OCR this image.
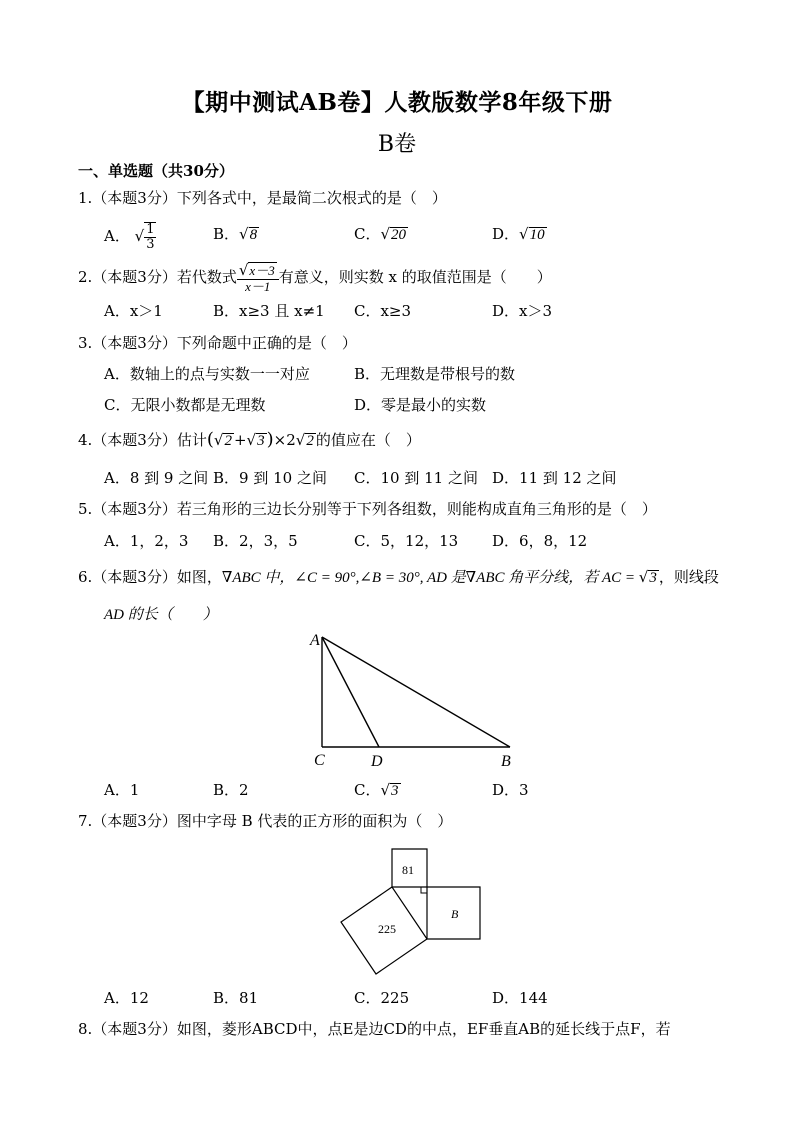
【期中测试AB卷】人教版数学8年级下册
B卷
一、单选题（共30分）
1.（本题3分）下列各式中，是最简二次根式的是（　）
A． √ $\frac{1}{3}$	B．√8	C．√20	D．√10
2.（本题3分）若代数式 $\frac{√x-3}{x-1}$ 有意义，则实数 x 的取值范围是（　　）
A．x＞1	B．x≥3 且 x≠1 C．x≥3	D．x＞3
3.（本题3分）下列命题中正确的是（　）
A．数轴上的点与实数一一对应	B．无理数是带根号的数
C．无限小数都是无理数	D．零是最小的实数
4.（本题3分）估计(√2 +√3 )×2√2 的值应在（　）
A．8 到 9 之间 B．9 到 10 之间 C．10 到 11 之间 D．11 到 12 之间
5.（本题3分）若三角形的三边长分别等于下列各组数，则能构成直角三角形的是（　）
A．1，2，3 B．2，3，5	C．5，12，13 D．6，8，12
6.（本题3分）如图，∇ABC 中，∠C = 90°,∠B = 30°, AD 是∇ABC 角平分线，若 AC = √3 ，则线段
AD 的长（　　）
A
C	D	B
A．1	B．2	C．√3	D．3
7.（本题3分）图中字母 B 代表的正方形的面积为（　）
81
225
B
A．12	B．81	C．225	D．144
8.（本题3分）如图，菱形ABCD中，点E是边CD的中点，EF垂直AB的延长线于点F，若
